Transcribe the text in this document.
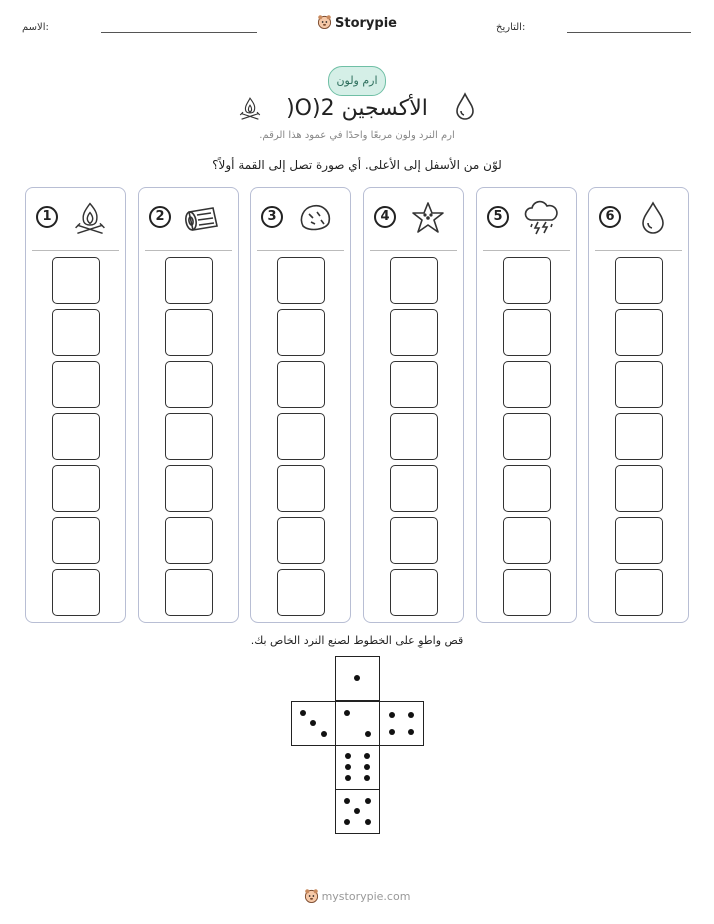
الاسم:	Storypie	التاريخ:
ارم ولون
الأكسجين O)2(
ارم النرد ولون مربعًا واحدًا في عمود هذا الرقم.
لوّن من الأسفل إلى الأعلى. أي صورة تصل إلى القمة أولاً؟
1	2	3	4	5	6
قص واطوِ على الخطوط لصنع النرد الخاص بك.
mystorypie.com
